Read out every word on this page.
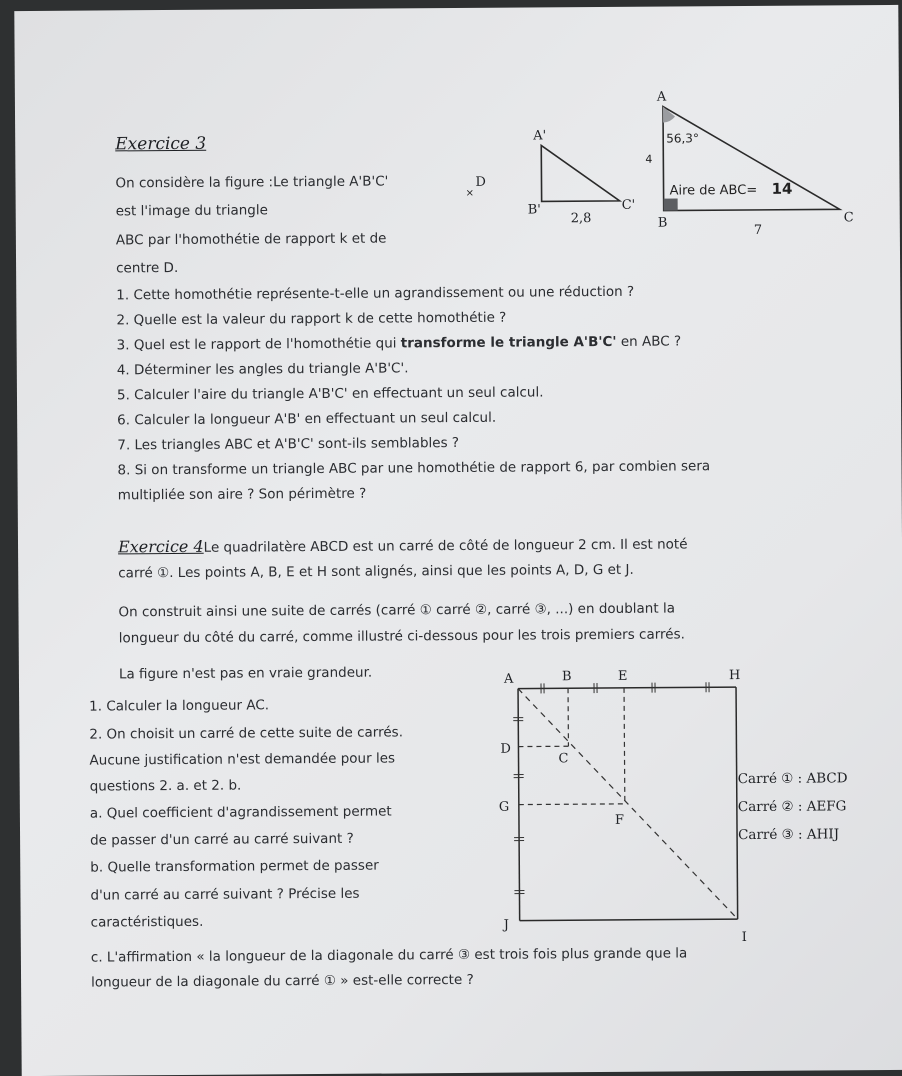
Exercice 3
On considère la figure :Le triangle A'B'C'
est l'image du triangle
ABC par l'homothétie de rapport k et de
centre D.
D
×
A'
B'	C'
2,8
A
B	C
7
56,3°
4
Aire de ABC= 14
1. Cette homothétie représente-t-elle un agrandissement ou une réduction ?
2. Quelle est la valeur du rapport k de cette homothétie ?
3. Quel est le rapport de l'homothétie qui transforme le triangle A'B'C' en ABC ?
4. Déterminer les angles du triangle A'B'C'.
5. Calculer l'aire du triangle A'B'C' en effectuant un seul calcul.
6. Calculer la longueur A'B' en effectuant un seul calcul.
7. Les triangles ABC et A'B'C' sont-ils semblables ?
8. Si on transforme un triangle ABC par une homothétie de rapport 6, par combien sera
multipliée son aire ? Son périmètre ?
Exercice 4Le quadrilatère ABCD est un carré de côté de longueur 2 cm. Il est noté
carré ①. Les points A, B, E et H sont alignés, ainsi que les points A, D, G et J.
On construit ainsi une suite de carrés (carré ① carré ②, carré ③, ...) en doublant la
longueur du côté du carré, comme illustré ci-dessous pour les trois premiers carrés.
La figure n'est pas en vraie grandeur.
1. Calculer la longueur AC.
2. On choisit un carré de cette suite de carrés.
Aucune justification n'est demandée pour les
questions 2. a. et 2. b.
a. Quel coefficient d'agrandissement permet
de passer d'un carré au carré suivant ?
b. Quelle transformation permet de passer
d'un carré au carré suivant ? Précise les
caractéristiques.
c. L'affirmation « la longueur de la diagonale du carré ③ est trois fois plus grande que la
longueur de la diagonale du carré ① » est-elle correcte ?
A	B	E	H
D
C
G
F
J
I
Carré ① : ABCD
Carré ② : AEFG
Carré ③ : AHIJ
